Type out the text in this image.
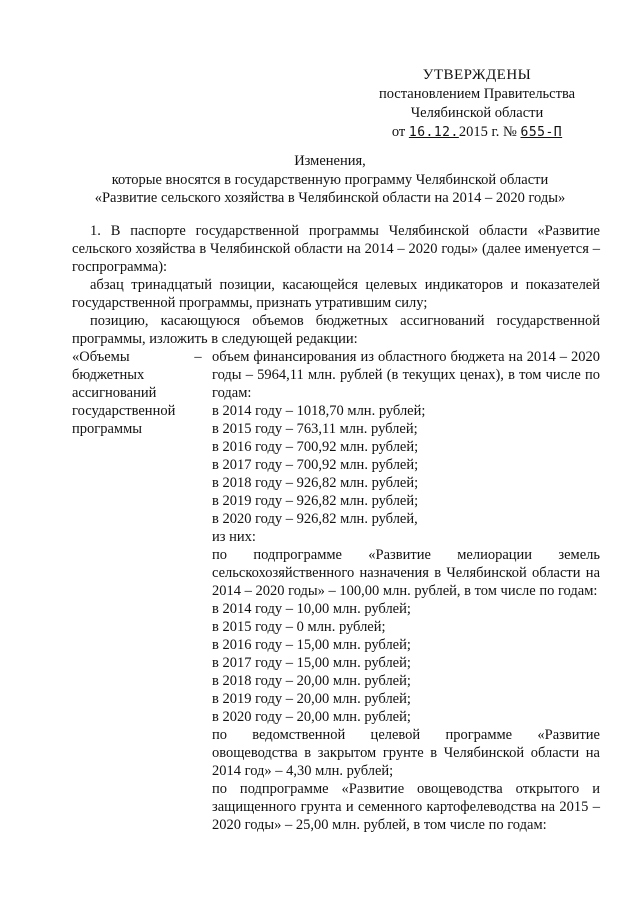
УТВЕРЖДЕНЫ
постановлением Правительства
Челябинской области
от 16.12.2015 г. № 655-П
Изменения,
которые вносятся в государственную программу Челябинской области
«Развитие сельского хозяйства в Челябинской области на 2014 – 2020 годы»

1. В паспорте государственной программы Челябинской области «Развитие сельского хозяйства в Челябинской области на 2014 – 2020 годы» (далее именуется – госпрограмма):

абзац тринадцатый позиции, касающейся целевых индикаторов и показателей государственной программы, признать утратившим силу;

позицию, касающуюся объемов бюджетных ассигнований государственной программы, изложить в следующей редакции:

«Объемы
бюджетных
ассигнований
государственной
программы
– объем финансирования из областного бюджета на 2014 – 2020 годы – 5964,11 млн. рублей (в текущих ценах), в том числе по годам:

в 2014 году – 1018,70 млн. рублей;
в 2015 году – 763,11 млн. рублей;
в 2016 году – 700,92 млн. рублей;
в 2017 году – 700,92 млн. рублей;
в 2018 году – 926,82 млн. рублей;
в 2019 году – 926,82 млн. рублей;
в 2020 году – 926,82 млн. рублей,
из них:

по подпрограмме «Развитие мелиорации земель сельскохозяйственного назначения в Челябинской области на 2014 – 2020 годы» – 100,00 млн. рублей, в том числе по годам:

в 2014 году – 10,00 млн. рублей;
в 2015 году – 0 млн. рублей;
в 2016 году – 15,00 млн. рублей;
в 2017 году – 15,00 млн. рублей;
в 2018 году – 20,00 млн. рублей;
в 2019 году – 20,00 млн. рублей;
в 2020 году – 20,00 млн. рублей;

по ведомственной целевой программе «Развитие овощеводства в закрытом грунте в Челябинской области на 2014 год» – 4,30 млн. рублей;

по подпрограмме «Развитие овощеводства открытого и защищенного грунта и семенного картофелеводства на 2015 – 2020 годы» – 25,00 млн. рублей, в том числе по годам:
